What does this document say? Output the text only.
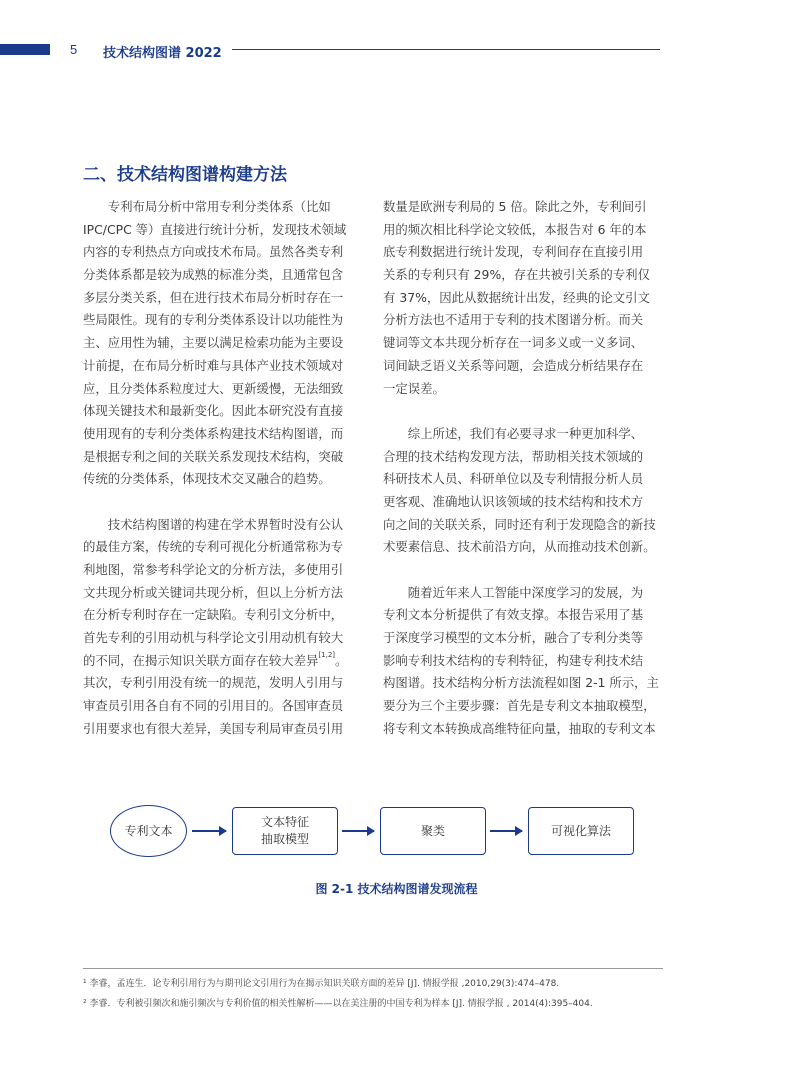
5 技术结构图谱 2022
二、技术结构图谱构建方法
　　专利布局分析中常用专利分类体系（比如
IPC/CPC 等）直接进行统计分析，发现技术领域
内容的专利热点方向或技术布局。虽然各类专利
分类体系都是较为成熟的标准分类，且通常包含
多层分类关系，但在进行技术布局分析时存在一
些局限性。现有的专利分类体系设计以功能性为
主、应用性为辅，主要以满足检索功能为主要设
计前提，在布局分析时难与具体产业技术领域对
应，且分类体系粒度过大、更新缓慢，无法细致
体现关键技术和最新变化。因此本研究没有直接
使用现有的专利分类体系构建技术结构图谱，而
是根据专利之间的关联关系发现技术结构，突破
传统的分类体系，体现技术交叉融合的趋势。
　　技术结构图谱的构建在学术界暂时没有公认
的最佳方案，传统的专利可视化分析通常称为专
利地图，常参考科学论文的分析方法，多使用引
文共现分析或关键词共现分析，但以上分析方法
在分析专利时存在一定缺陷。专利引文分析中，
首先专利的引用动机与科学论文引用动机有较大
的不同，在揭示知识关联方面存在较大差异[1,2]。
其次，专利引用没有统一的规范，发明人引用与
审查员引用各自有不同的引用目的。各国审查员
引用要求也有很大差异，美国专利局审查员引用
数量是欧洲专利局的 5 倍。除此之外，专利间引
用的频次相比科学论文较低，本报告对 6 年的本
底专利数据进行统计发现，专利间存在直接引用
关系的专利只有 29%，存在共被引关系的专利仅
有 37%，因此从数据统计出发，经典的论文引文
分析方法也不适用于专利的技术图谱分析。而关
键词等文本共现分析存在一词多义或一义多词、
词间缺乏语义关系等问题，会造成分析结果存在
一定误差。
　　综上所述，我们有必要寻求一种更加科学、
合理的技术结构发现方法，帮助相关技术领域的
科研技术人员、科研单位以及专利情报分析人员
更客观、准确地认识该领域的技术结构和技术方
向之间的关联关系，同时还有利于发现隐含的新技
术要素信息、技术前沿方向，从而推动技术创新。
　　随着近年来人工智能中深度学习的发展，为
专利文本分析提供了有效支撑。本报告采用了基
于深度学习模型的文本分析，融合了专利分类等
影响专利技术结构的专利特征，构建专利技术结
构图谱。技术结构分析方法流程如图 2-1 所示，主
要分为三个主要步骤：首先是专利文本抽取模型，
将专利文本转换成高维特征向量，抽取的专利文本
专利文本
文本特征
抽取模型
聚类	可视化算法
图 2-1 技术结构图谱发现流程
¹ 李睿，孟连生．论专利引用行为与期刊论文引用行为在揭示知识关联方面的差异 [J]. 情报学报 ,2010,29(3):474–478.
² 李睿．专利被引频次和施引频次与专利价值的相关性解析——以在美注册的中国专利为样本 [J]. 情报学报 , 2014(4):395–404.
